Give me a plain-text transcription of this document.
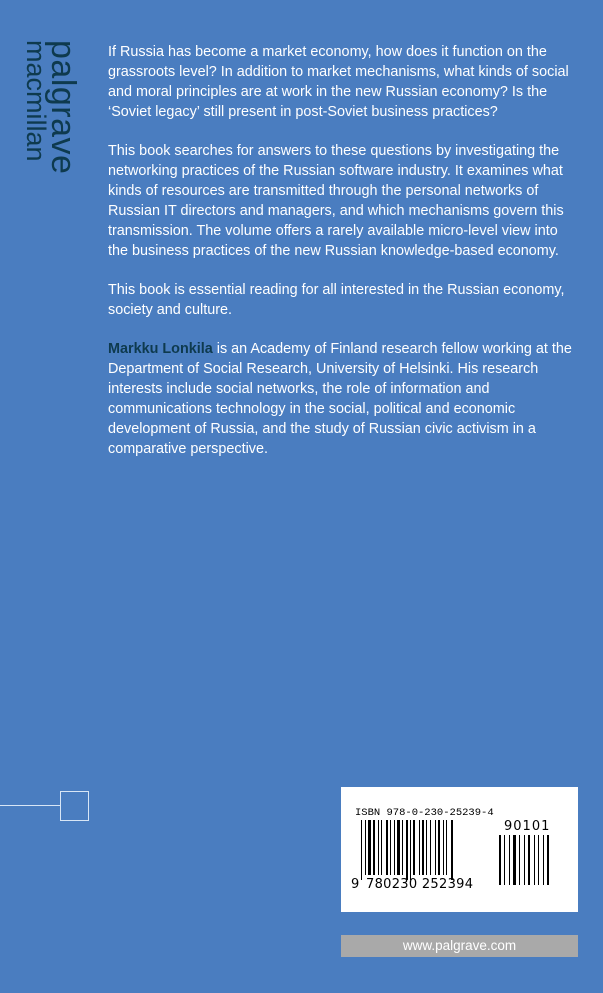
palgrave
macmillan	If Russia has become a market economy, how does it function on the grassroots level? In addition to market mechanisms, what kinds of social and moral principles are at work in the new Russian economy? Is the ‘Soviet legacy’ still present in post-Soviet business practices?

This book searches for answers to these questions by investigating the networking practices of the Russian software industry. It examines what kinds of resources are transmitted through the personal networks of Russian IT directors and managers, and which mechanisms govern this transmission. The volume offers a rarely available micro-level view into the business practices of the new Russian knowledge-based economy.

This book is essential reading for all interested in the Russian economy, society and culture.

Markku Lonkila is an Academy of Finland research fellow working at the Department of Social Research, University of Helsinki. His research interests include social networks, the role of information and communications technology in the social, political and economic development of Russia, and the study of Russian civic activism in a comparative perspective.

ISBN 978-0-230-25239-4
9 780230 252394
90101
www.palgrave.com
